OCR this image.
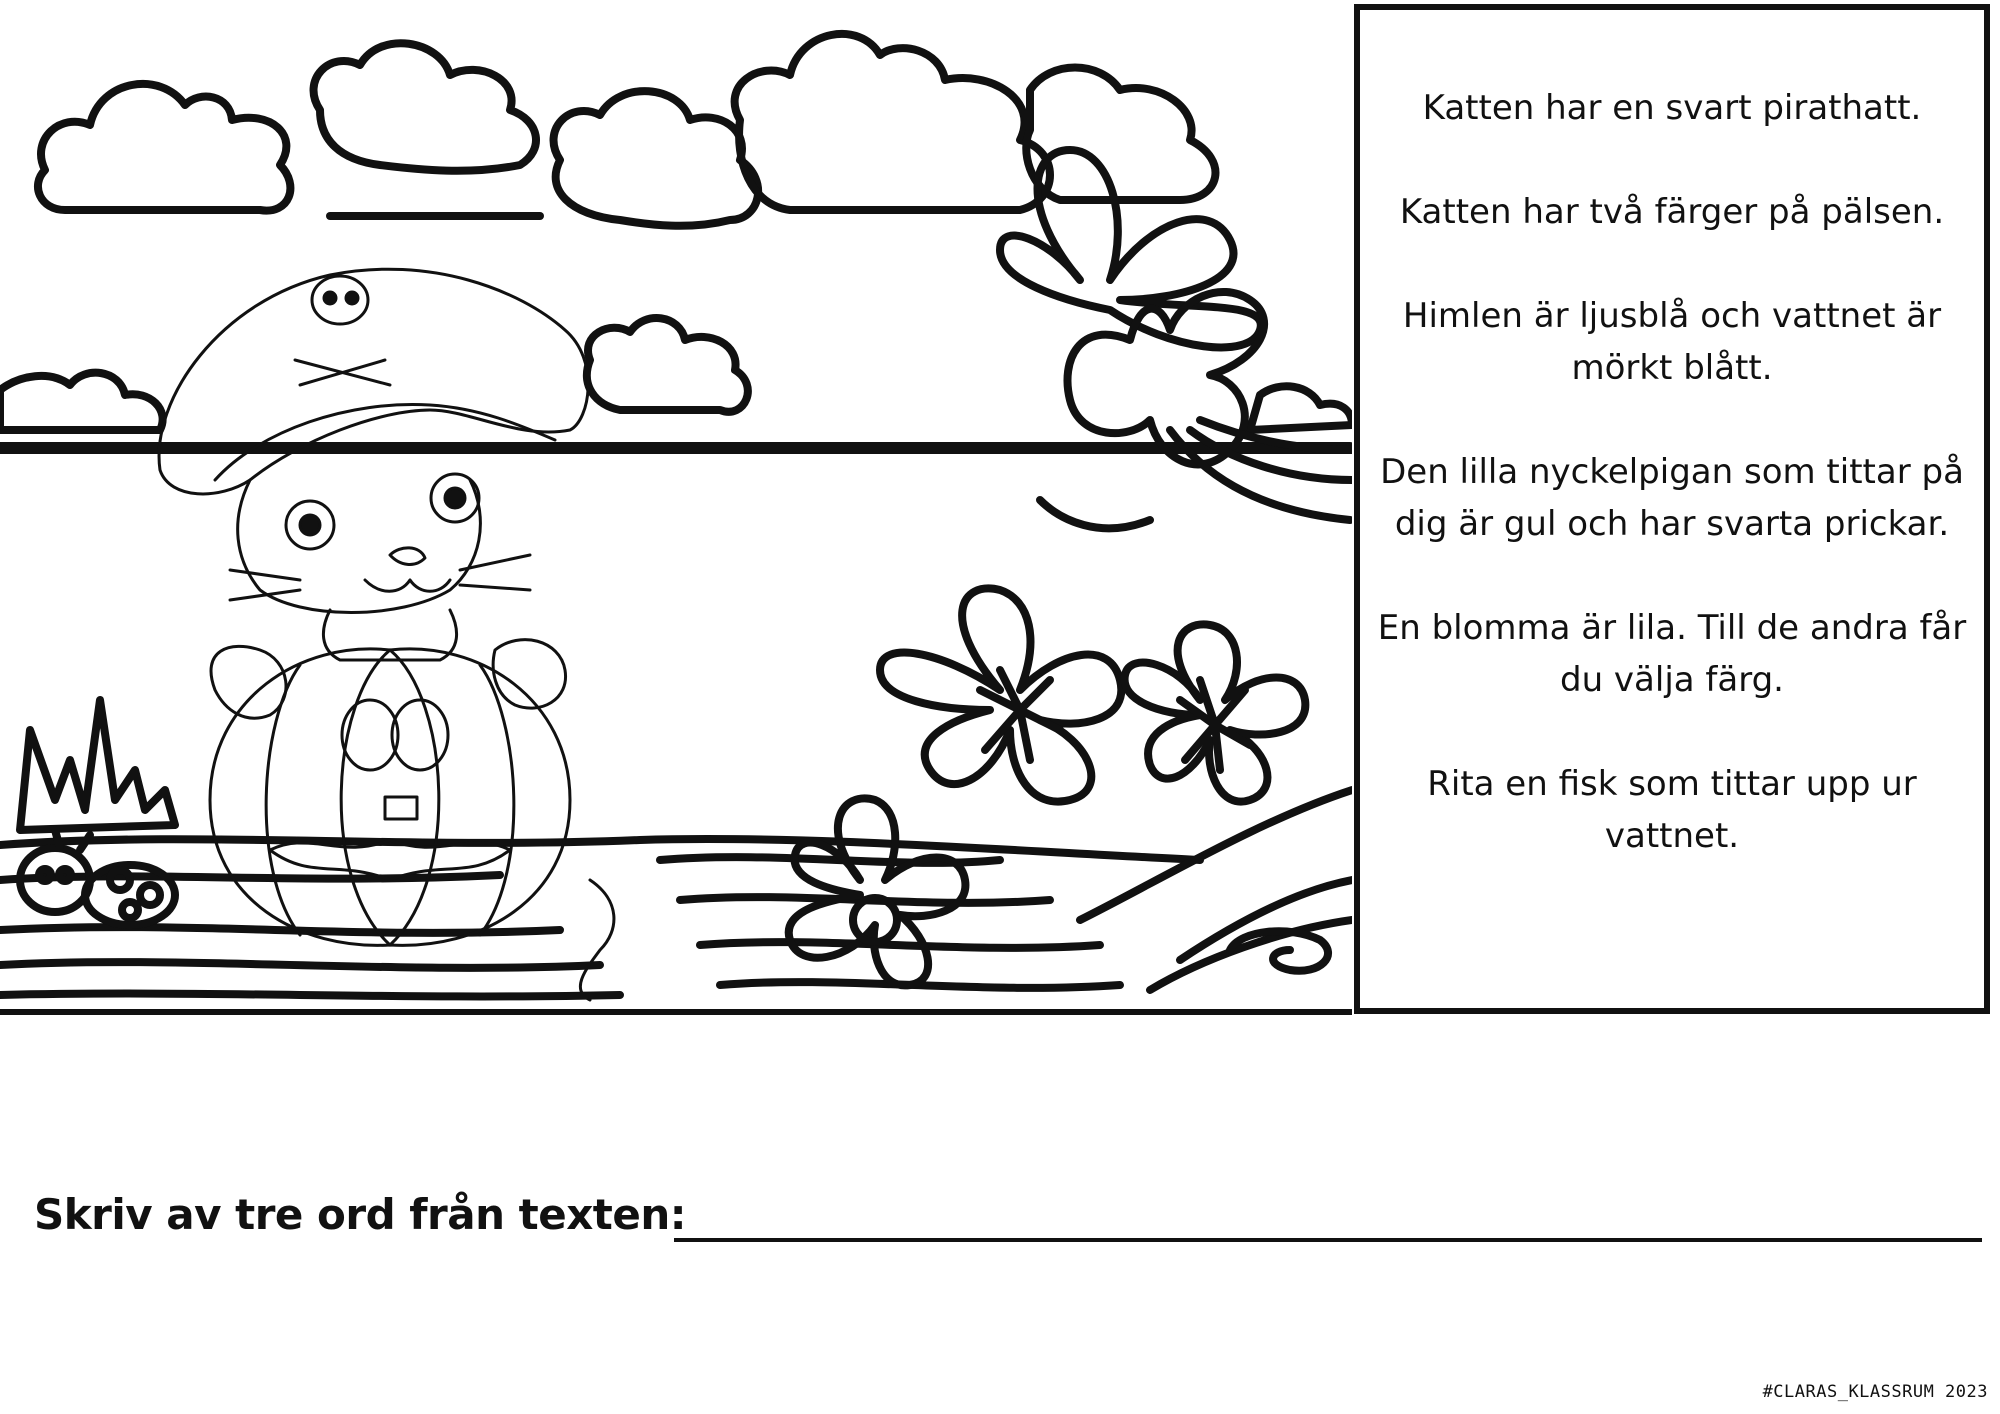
Katten har en svart pirathatt.

Katten har två färger på pälsen.

Himlen är ljusblå och vattnet är mörkt blått.

Den lilla nyckelpigan som tittar på dig är gul och har svarta prickar.

En blomma är lila. Till de andra får du välja färg.

Rita en fisk som tittar upp ur vattnet.

Skriv av tre ord från texten:
#CLARAS_KLASSRUM 2023
